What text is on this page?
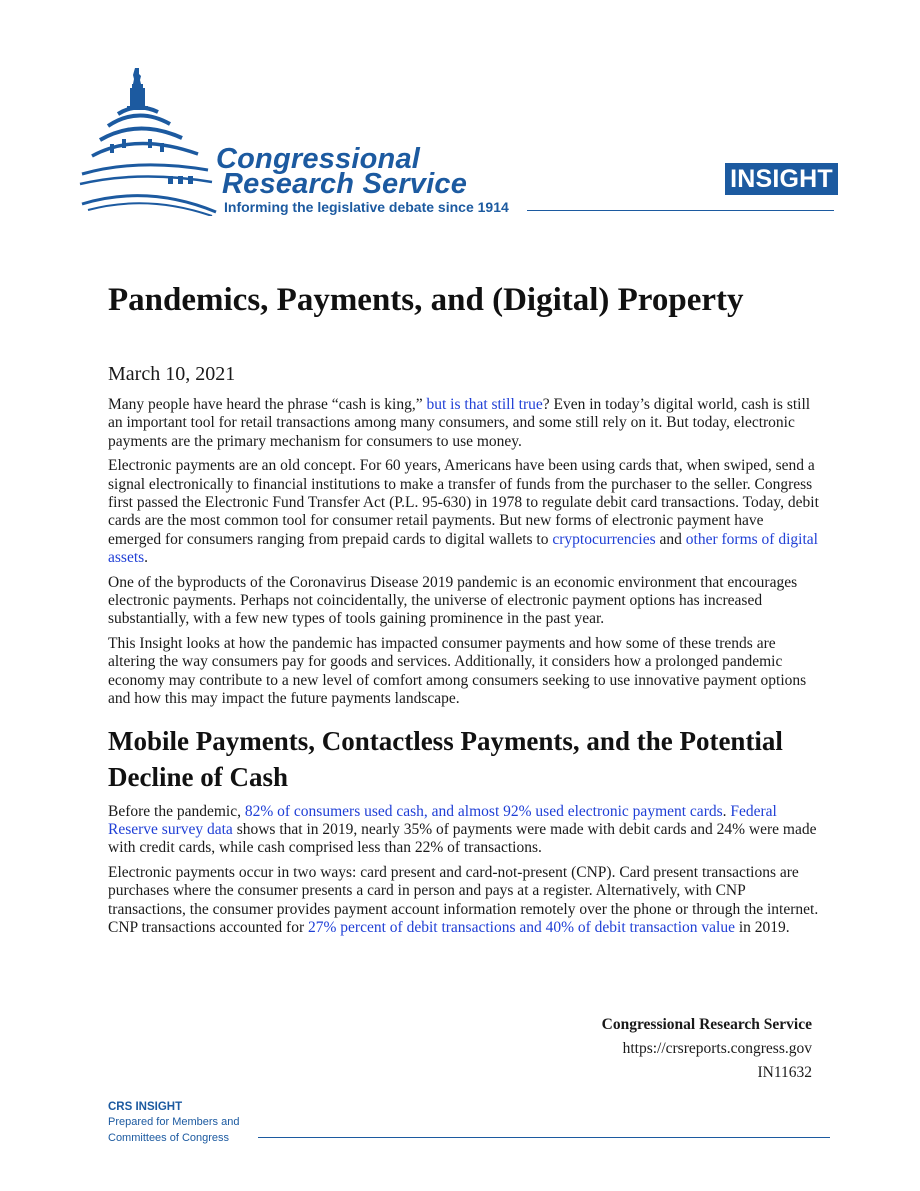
Congressional
Research Service
Informing the legislative debate since 1914
INSIGHT
Pandemics, Payments, and (Digital) Property
March 10, 2021

Many people have heard the phrase “cash is king,” but is that still true? Even in today’s digital world, cash is still an important tool for retail transactions among many consumers, and some still rely on it. But today, electronic payments are the primary mechanism for consumers to use money.

Electronic payments are an old concept. For 60 years, Americans have been using cards that, when swiped, send a signal electronically to financial institutions to make a transfer of funds from the purchaser to the seller. Congress first passed the Electronic Fund Transfer Act (P.L. 95-630) in 1978 to regulate debit card transactions. Today, debit cards are the most common tool for consumer retail payments. But new forms of electronic payment have emerged for consumers ranging from prepaid cards to digital wallets to cryptocurrencies and other forms of digital assets.

One of the byproducts of the Coronavirus Disease 2019 pandemic is an economic environment that encourages electronic payments. Perhaps not coincidentally, the universe of electronic payment options has increased substantially, with a few new types of tools gaining prominence in the past year.

This Insight looks at how the pandemic has impacted consumer payments and how some of these trends are altering the way consumers pay for goods and services. Additionally, it considers how a prolonged pandemic economy may contribute to a new level of comfort among consumers seeking to use innovative payment options and how this may impact the future payments landscape.

Mobile Payments, Contactless Payments, and the Potential Decline of Cash

Before the pandemic, 82% of consumers used cash, and almost 92% used electronic payment cards. Federal Reserve survey data shows that in 2019, nearly 35% of payments were made with debit cards and 24% were made with credit cards, while cash comprised less than 22% of transactions.

Electronic payments occur in two ways: card present and card-not-present (CNP). Card present transactions are purchases where the consumer presents a card in person and pays at a register. Alternatively, with CNP transactions, the consumer provides payment account information remotely over the phone or through the internet. CNP transactions accounted for 27% percent of debit transactions and 40% of debit transaction value in 2019.

Congressional Research Service
https://crsreports.congress.gov
IN11632
CRS INSIGHT
Prepared for Members and
Committees of Congress
